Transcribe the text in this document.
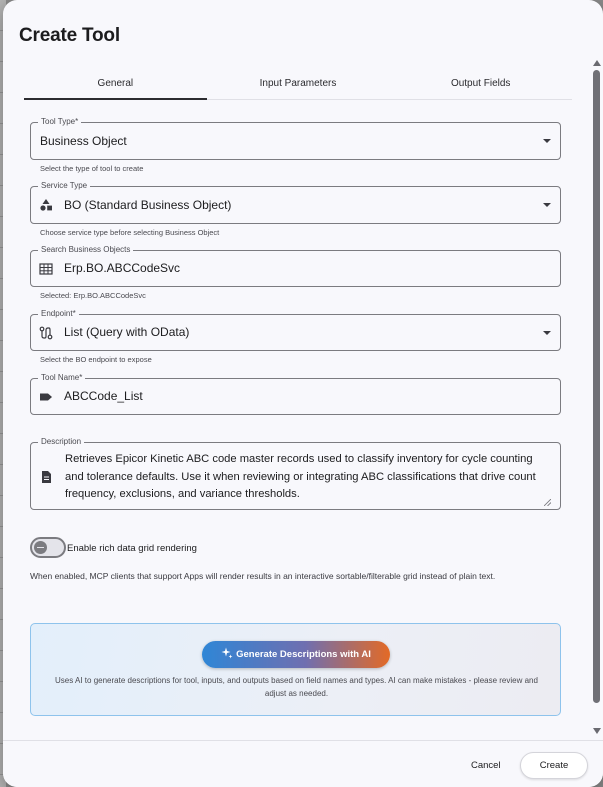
Create Tool
General	Input Parameters	Output Fields
Tool Type*
Business Object
Select the type of tool to create
Service Type
BO (Standard Business Object)
Choose service type before selecting Business Object
Search Business Objects
Erp.BO.ABCCodeSvc
Selected: Erp.BO.ABCCodeSvc
Endpoint*
List (Query with OData)
Select the BO endpoint to expose
Tool Name*
ABCCode_List
Description
Retrieves Epicor Kinetic ABC code master records used to classify inventory for cycle counting and tolerance defaults. Use it when reviewing or integrating ABC classifications that drive count frequency, exclusions, and variance thresholds.
Enable rich data grid rendering
When enabled, MCP clients that support Apps will render results in an interactive sortable/filterable grid instead of plain text.
Generate Descriptions with AI
Uses AI to generate descriptions for tool, inputs, and outputs based on field names and types. AI can make mistakes - please review and adjust as needed.
Cancel	Create
